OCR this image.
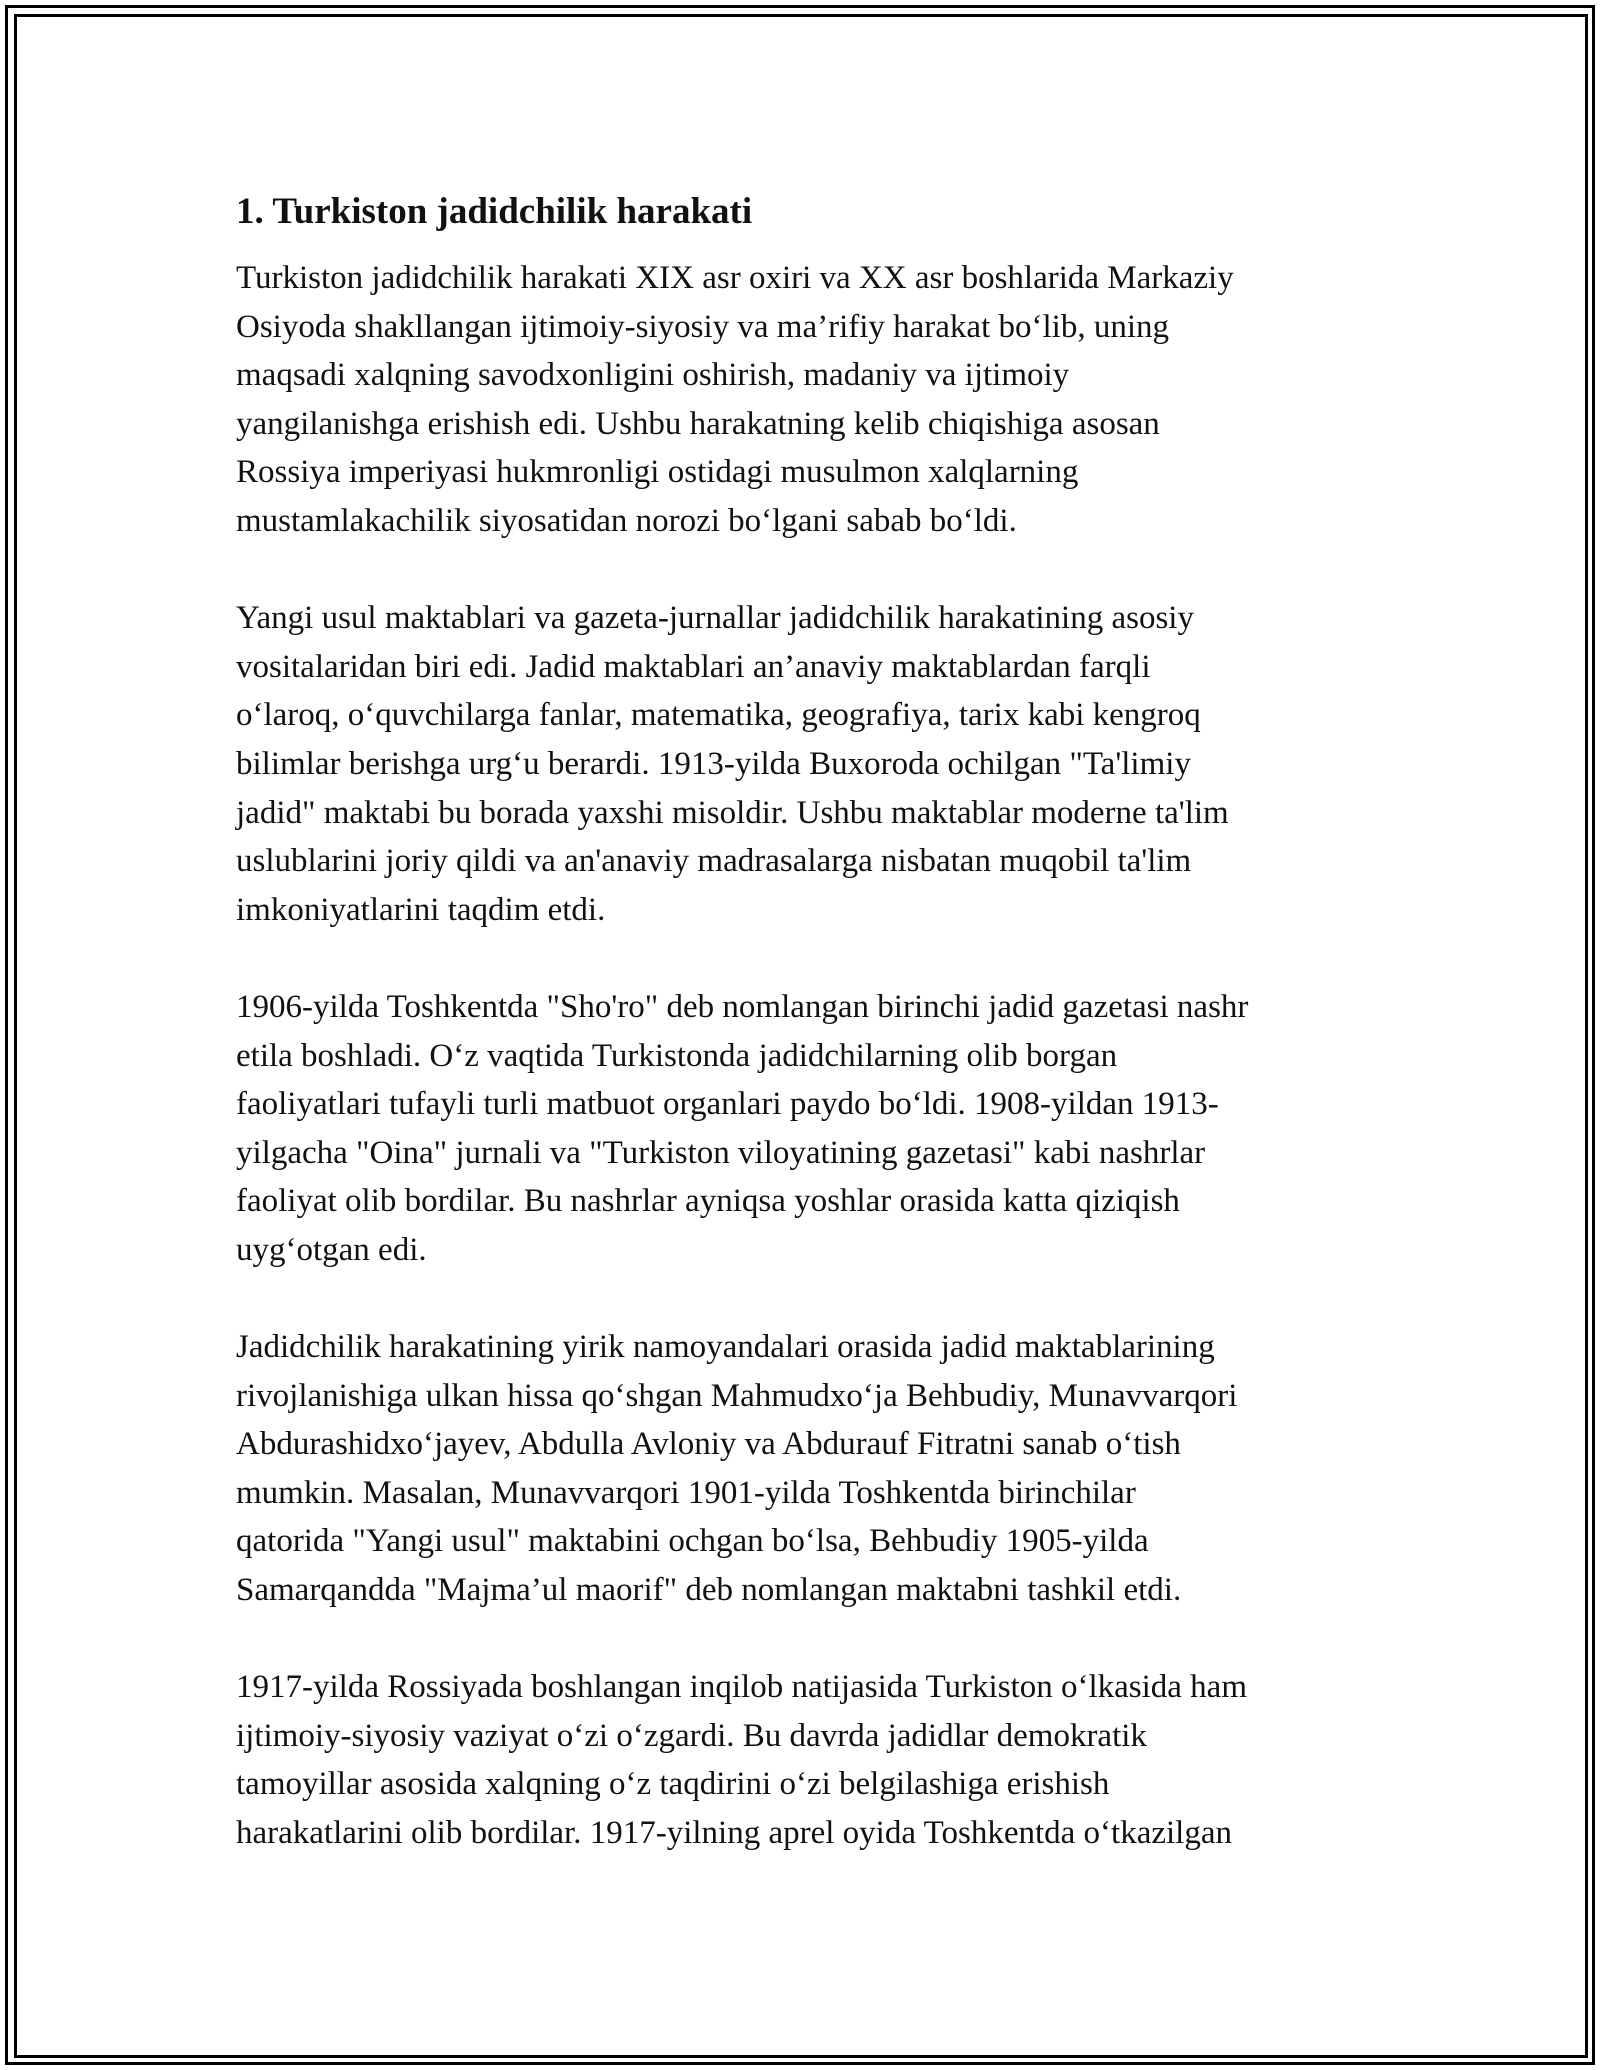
1. Turkiston jadidchilik harakati

Turkiston jadidchilik harakati XIX asr oxiri va XX asr boshlarida Markaziy
Osiyoda shakllangan ijtimoiy-siyosiy va ma’rifiy harakat bo‘lib, uning
maqsadi xalqning savodxonligini oshirish, madaniy va ijtimoiy
yangilanishga erishish edi. Ushbu harakatning kelib chiqishiga asosan
Rossiya imperiyasi hukmronligi ostidagi musulmon xalqlarning
mustamlakachilik siyosatidan norozi bo‘lgani sabab bo‘ldi.

Yangi usul maktablari va gazeta-jurnallar jadidchilik harakatining asosiy
vositalaridan biri edi. Jadid maktablari an’anaviy maktablardan farqli
o‘laroq, o‘quvchilarga fanlar, matematika, geografiya, tarix kabi kengroq
bilimlar berishga urg‘u berardi. 1913-yilda Buxoroda ochilgan "Ta'limiy
jadid" maktabi bu borada yaxshi misoldir. Ushbu maktablar moderne ta'lim
uslublarini joriy qildi va an'anaviy madrasalarga nisbatan muqobil ta'lim
imkoniyatlarini taqdim etdi.

1906-yilda Toshkentda "Sho'ro" deb nomlangan birinchi jadid gazetasi nashr
etila boshladi. O‘z vaqtida Turkistonda jadidchilarning olib borgan
faoliyatlari tufayli turli matbuot organlari paydo bo‘ldi. 1908-yildan 1913-
yilgacha "Oina" jurnali va "Turkiston viloyatining gazetasi" kabi nashrlar
faoliyat olib bordilar. Bu nashrlar ayniqsa yoshlar orasida katta qiziqish
uyg‘otgan edi.

Jadidchilik harakatining yirik namoyandalari orasida jadid maktablarining
rivojlanishiga ulkan hissa qo‘shgan Mahmudxo‘ja Behbudiy, Munavvarqori
Abdurashidxo‘jayev, Abdulla Avloniy va Abdurauf Fitratni sanab o‘tish
mumkin. Masalan, Munavvarqori 1901-yilda Toshkentda birinchilar
qatorida "Yangi usul" maktabini ochgan bo‘lsa, Behbudiy 1905-yilda
Samarqandda "Majma’ul maorif" deb nomlangan maktabni tashkil etdi.

1917-yilda Rossiyada boshlangan inqilob natijasida Turkiston o‘lkasida ham
ijtimoiy-siyosiy vaziyat o‘zi o‘zgardi. Bu davrda jadidlar demokratik
tamoyillar asosida xalqning o‘z taqdirini o‘zi belgilashiga erishish
harakatlarini olib bordilar. 1917-yilning aprel oyida Toshkentda o‘tkazilgan
